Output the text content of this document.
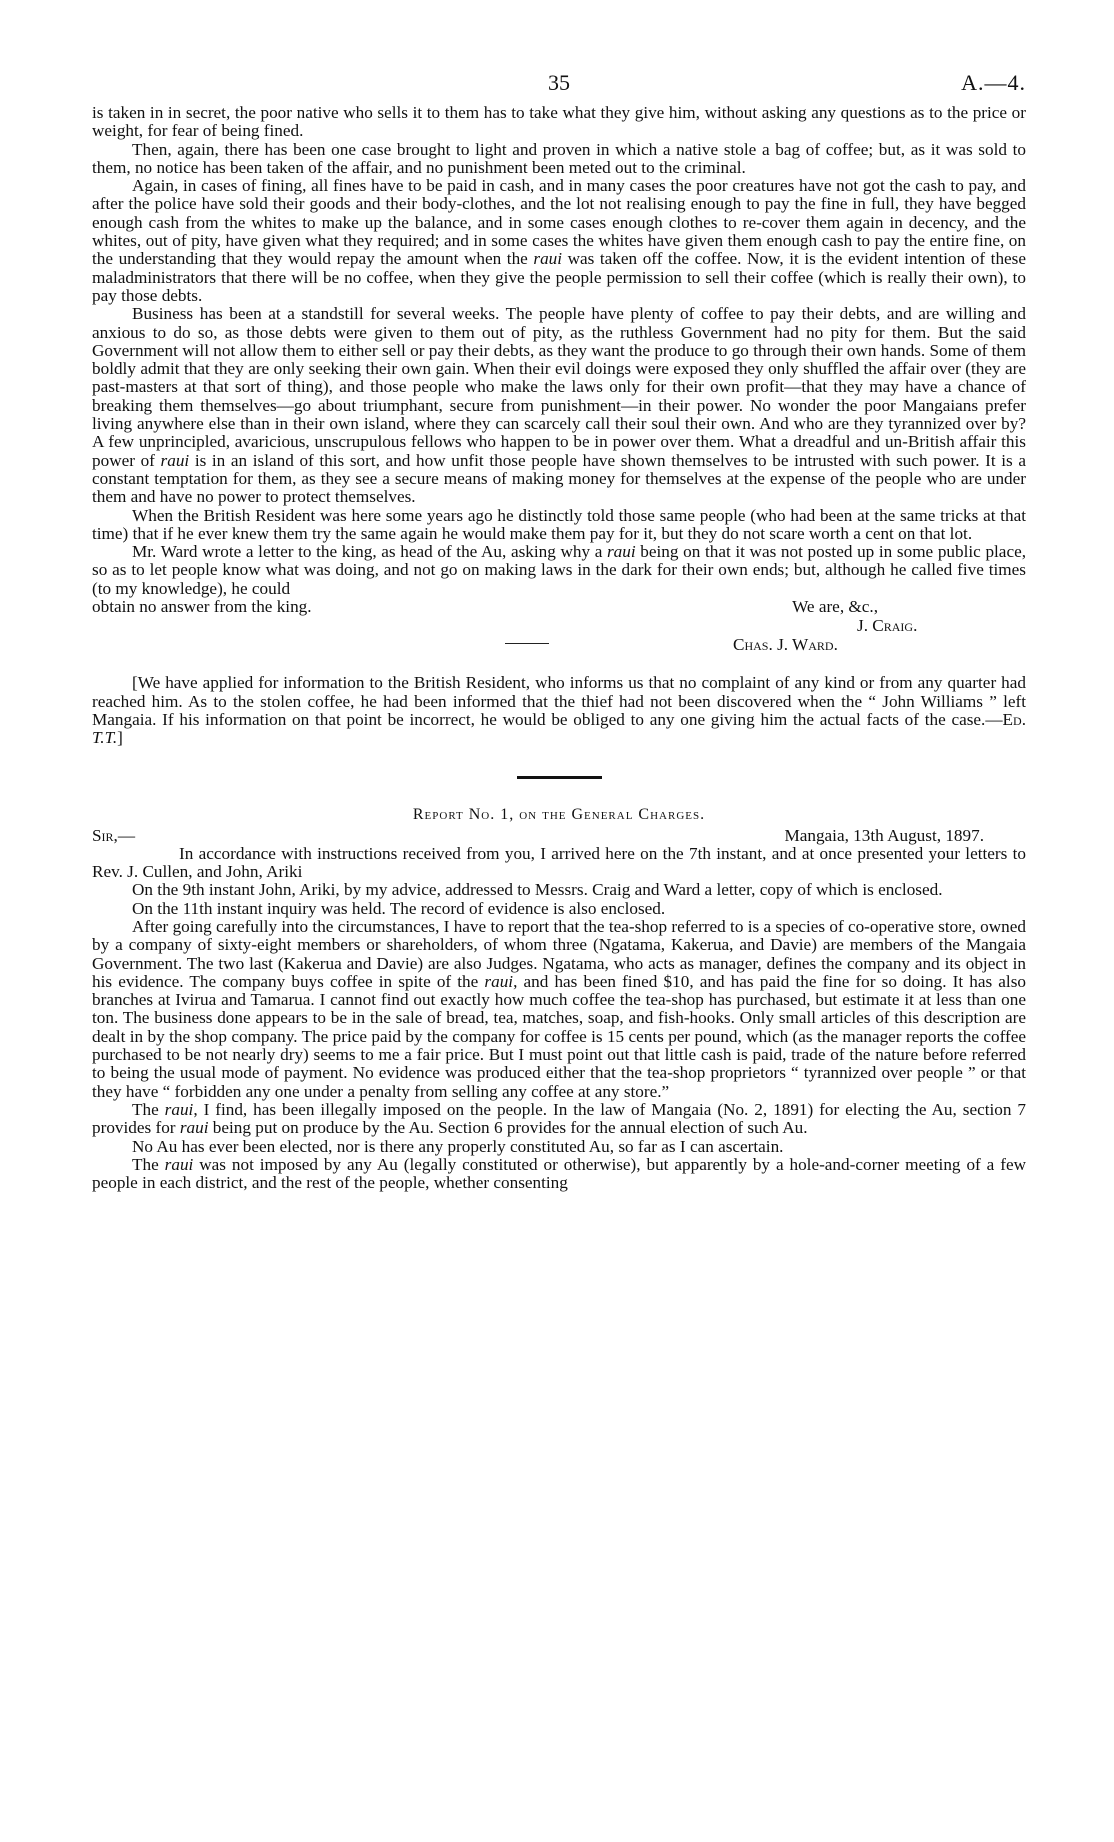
35	A.—4.

is taken in in secret, the poor native who sells it to them has to take what they give him, without asking any questions as to the price or weight, for fear of being fined.

Then, again, there has been one case brought to light and proven in which a native stole a bag of coffee; but, as it was sold to them, no notice has been taken of the affair, and no punishment been meted out to the criminal.

Again, in cases of fining, all fines have to be paid in cash, and in many cases the poor creatures have not got the cash to pay, and after the police have sold their goods and their body-clothes, and the lot not realising enough to pay the fine in full, they have begged enough cash from the whites to make up the balance, and in some cases enough clothes to re-cover them again in decency, and the whites, out of pity, have given what they required; and in some cases the whites have given them enough cash to pay the entire fine, on the understanding that they would repay the amount when the raui was taken off the coffee. Now, it is the evident intention of these maladministrators that there will be no coffee, when they give the people permission to sell their coffee (which is really their own), to pay those debts.

Business has been at a standstill for several weeks. The people have plenty of coffee to pay their debts, and are willing and anxious to do so, as those debts were given to them out of pity, as the ruthless Government had no pity for them. But the said Government will not allow them to either sell or pay their debts, as they want the produce to go through their own hands. Some of them boldly admit that they are only seeking their own gain. When their evil doings were exposed they only shuffled the affair over (they are past-masters at that sort of thing), and those people who make the laws only for their own profit—that they may have a chance of breaking them themselves—go about triumphant, secure from punishment—in their power. No wonder the poor Mangaians prefer living anywhere else than in their own island, where they can scarcely call their soul their own. And who are they tyrannized over by? A few unprincipled, avaricious, unscrupulous fellows who happen to be in power over them. What a dreadful and un-British affair this power of raui is in an island of this sort, and how unfit those people have shown themselves to be intrusted with such power. It is a constant temptation for them, as they see a secure means of making money for themselves at the expense of the people who are under them and have no power to protect themselves.

When the British Resident was here some years ago he distinctly told those same people (who had been at the same tricks at that time) that if he ever knew them try the same again he would make them pay for it, but they do not scare worth a cent on that lot.

Mr. Ward wrote a letter to the king, as head of the Au, asking why a raui being on that it was not posted up in some public place, so as to let people know what was doing, and not go on making laws in the dark for their own ends; but, although he called five times (to my knowledge), he could

obtain no answer from the king.	We are, &c.,
J. Craig.
Chas. J. Ward.

[We have applied for information to the British Resident, who informs us that no complaint of any kind or from any quarter had reached him. As to the stolen coffee, he had been informed that the thief had not been discovered when the “ John Williams ” left Mangaia. If his information on that point be incorrect, he would be obliged to any one giving him the actual facts of the case.—Ed. T.T.]

Report No. 1, on the General Charges.
Sir,—	Mangaia, 13th August, 1897.

In accordance with instructions received from you, I arrived here on the 7th instant, and at once presented your letters to Rev. J. Cullen, and John, Ariki

On the 9th instant John, Ariki, by my advice, addressed to Messrs. Craig and Ward a letter, copy of which is enclosed.

On the 11th instant inquiry was held. The record of evidence is also enclosed.

After going carefully into the circumstances, I have to report that the tea-shop referred to is a species of co-operative store, owned by a company of sixty-eight members or shareholders, of whom three (Ngatama, Kakerua, and Davie) are members of the Mangaia Government. The two last (Kakerua and Davie) are also Judges. Ngatama, who acts as manager, defines the company and its object in his evidence. The company buys coffee in spite of the raui, and has been fined $10, and has paid the fine for so doing. It has also branches at Ivirua and Tamarua. I cannot find out exactly how much coffee the tea-shop has purchased, but estimate it at less than one ton. The business done appears to be in the sale of bread, tea, matches, soap, and fish-hooks. Only small articles of this description are dealt in by the shop company. The price paid by the company for coffee is 15 cents per pound, which (as the manager reports the coffee purchased to be not nearly dry) seems to me a fair price. But I must point out that little cash is paid, trade of the nature before referred to being the usual mode of payment. No evidence was produced either that the tea-shop proprietors “ tyrannized over people ” or that they have “ forbidden any one under a penalty from selling any coffee at any store.”

The raui, I find, has been illegally imposed on the people. In the law of Mangaia (No. 2, 1891) for electing the Au, section 7 provides for raui being put on produce by the Au. Section 6 provides for the annual election of such Au.

No Au has ever been elected, nor is there any properly constituted Au, so far as I can ascertain.

The raui was not imposed by any Au (legally constituted or otherwise), but apparently by a hole-and-corner meeting of a few people in each district, and the rest of the people, whether consenting
